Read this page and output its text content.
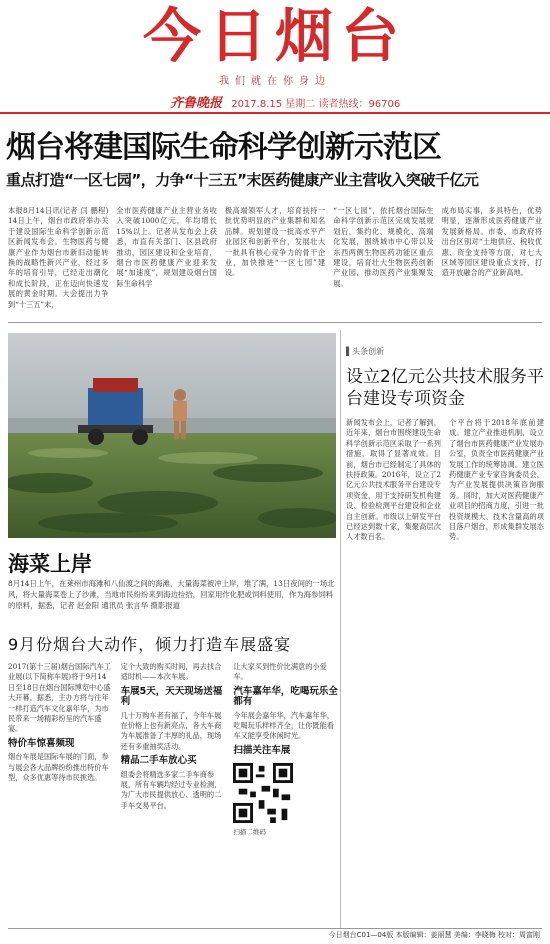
今日烟台
我们就在你身边
齐鲁晚报 2017.8.15 星期二 读者热线：96706
烟台将建国际生命科学创新示范区
重点打造“一区七园”，力争“十三五”末医药健康产业主营收入突破千亿元
本报8月14日讯(记者 闫 鹏程) 14日上午，烟台市政府举办关于建设国际生命科学创新示范区新闻发布会。生物医药与健康产业作为烟台市新旧动能转换的战略性新兴产业，经过多年的培育引导，已经走出潮化和成长阶段，正在迈向快速发展的黄金时期。大会提出力争到“十三五”末，
全市医药健康产业主营业务收入突破1000亿元，年均增长15%以上。记者从发布会上获悉，市直有关部门、区县政府推动，园区建设和企业培育，烟台市医药健康产业迎来发展“加速度”，规划建设烟台国际生命科学
极高端领军人才，培育扶持一批优势明显的产业集群和知名品牌。规划建设一批高水平产业园区和创新平台，发展壮大一批具有核心竞争力的骨干企业，加快推进“一区七园”建设。
“一区七园”，依托烟台国际生命科学创新示范区完成发展规划后，集约化、规模化、高端化发展，围绕城市中心带以及东西两侧生物医药功能区重点建设，培育壮大生物医药创新产业园，推动医药产业集聚发展。
成布局实事，多具特色，优势明显，逐渐形成医药健康产业发展新格局。市委、市政府将出台区别对“土地供应、税收优惠、资金支持等方面，对七大区域等园区建设重点支持，打造开放融合的产业新高地。
海菜上岸
8月14日上午，在莱州市海滩和八仙渡之间的海滩，大量海菜被冲上岸，堆了满，13日夜间的一场北风，将大量海菜卷上了沙滩，当地市民纷纷来到海边捡拾，回家用作化肥或饲料使用，作为海参饲料的原料，据悉，记者 赵金阳 通讯员 张言华 摄影报道
9月份烟台大动作，倾力打造车展盛宴
2017(第十三届)烟台国际汽车工业展(以下简称车展)将于9月14日至18日在烟台国际博览中心盛大开幕。据悉，主办方将与往年一样打造汽车文化嘉年华，为市民带来一场精彩纷呈的汽车盛宴。
特价车惊喜频现
烟台车展是国际车展的门面，参与展会各大品牌纷纷推出特价车型，众多优惠等待市民挑选。
定个大致的购买时间，再去找合适时机——本次车展。
车展5天，天天现场送福利
几十万购车者有福了，今年车展在价格上也有新亮点，各大车商为车展准备了丰厚的礼品，现场还有多重抽奖活动。
精品二手车放心买
组委会将精选多家二手车商参展，所有车辆均经过专业检测，为广大市民提供放心、透明的二手车交易平台。
让大家买到性价比满意的小爱车。
汽车嘉年华，吃喝玩乐全都有
今年展会嘉年华，汽车嘉年华，吃喝玩乐样样齐全，让你既能看车又能享受休闲时光。
扫描关注车展
扫描二维码
▌头条创新
设立2亿元公共技术服务平台建设专项资金
新闻发布会上，记者了解到，近年来，烟台市围绕建设生命科学创新示范区采取了一系列措施，取得了显著成效。目前，烟台市已经制定了具体的扶持政策。2016年，设立了2亿元公共技术服务平台建设专项资金，用于支持研发机构建设、检验检测平台建设和企业自主创新。市级以上研发平台已经达到数十家，集聚高层次人才数百名。
个平台将于2018年底前建成。建立产业推进机制，设立了烟台市医药健康产业发展办公室，负责全市医药健康产业发展工作的统筹协调。建立医药健康产业专家咨询委员会，为产业发展提供决策咨询服务。同时，加大对医药健康产业项目的招商力度，引进一批投资规模大、技术含量高的项目落户烟台，形成集群发展态势。
今日烟台C01—04版 本版编辑：姜丽慧 美编：李晓梅 校对：周富刚
